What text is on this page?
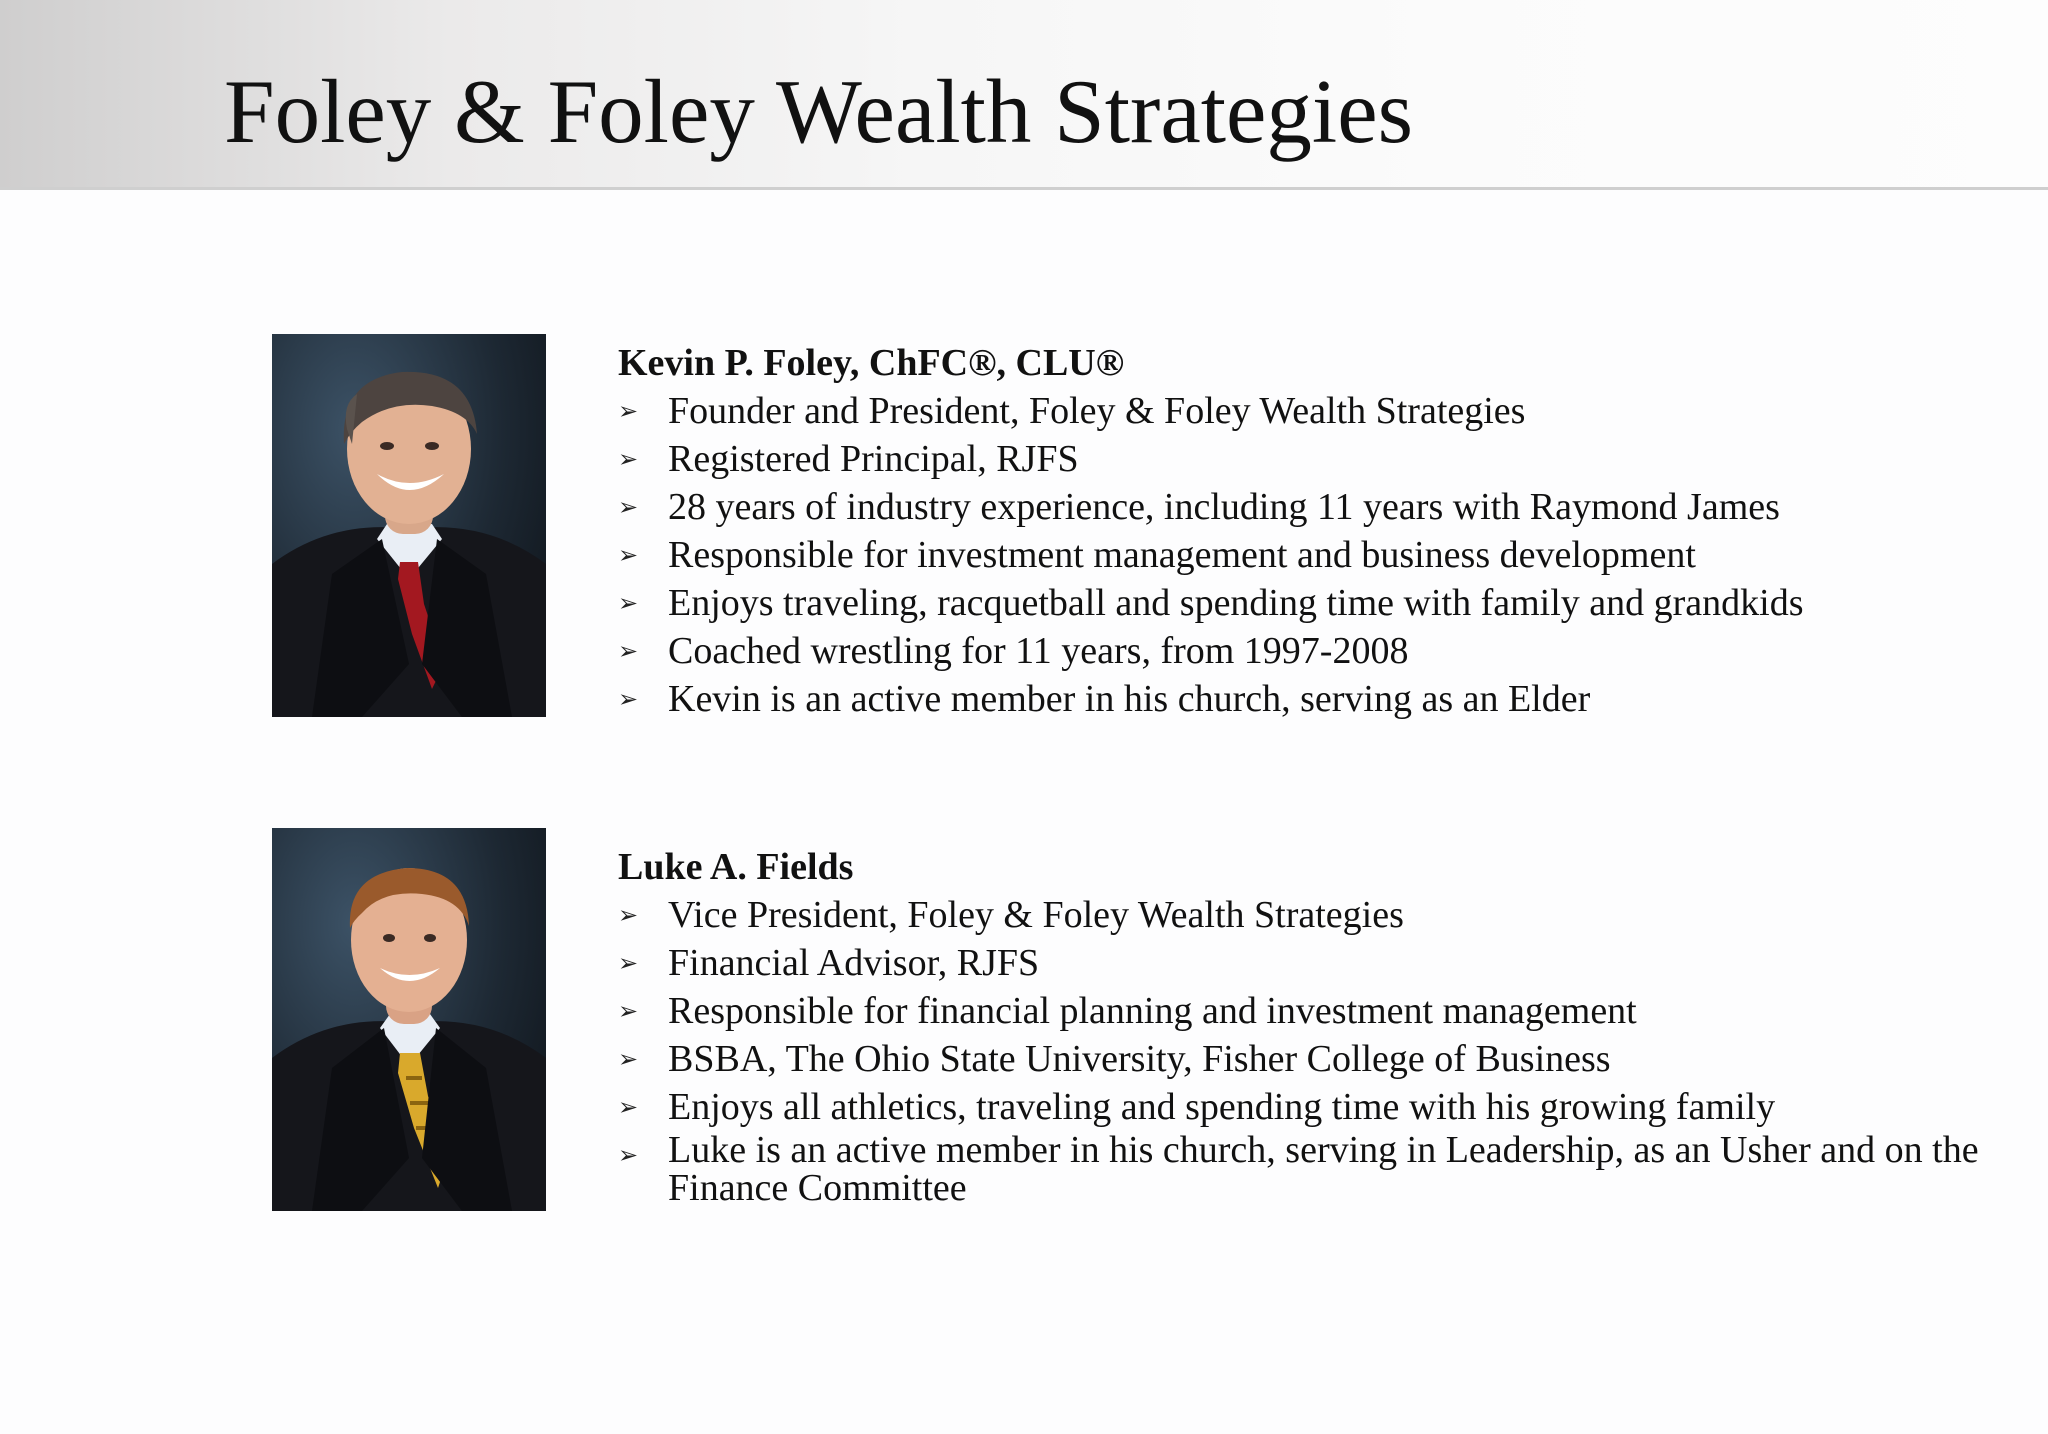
Foley & Foley Wealth Strategies

Kevin P. Foley, ChFC®, CLU®

➢ Founder and President, Foley & Foley Wealth Strategies
➢ Registered Principal, RJFS
➢ 28 years of industry experience, including 11 years with Raymond James
➢ Responsible for investment management and business development
➢ Enjoys traveling, racquetball and spending time with family and grandkids
➢ Coached wrestling for 11 years, from 1997-2008
➢ Kevin is an active member in his church, serving as an Elder

Luke A. Fields

➢ Vice President, Foley & Foley Wealth Strategies
➢ Financial Advisor, RJFS
➢ Responsible for financial planning and investment management
➢ BSBA, The Ohio State University, Fisher College of Business
➢ Enjoys all athletics, traveling and spending time with his growing family
➢ Luke is an active member in his church, serving in Leadership, as an Usher and on the Finance Committee
